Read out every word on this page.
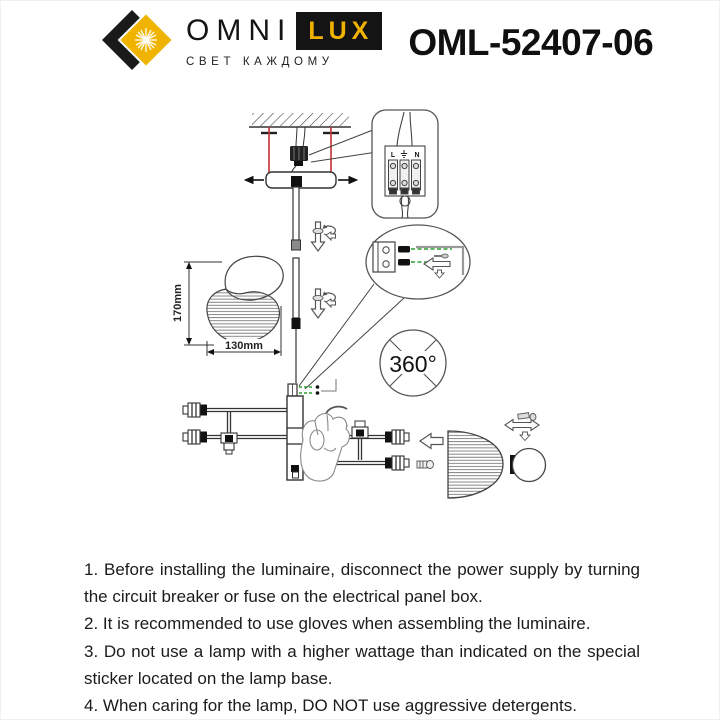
OMNI LUX
СВЕТ КАЖДОМУ	OML-52407-06
L	N
170mm
130mm
360°

1. Before installing the luminaire, disconnect the power supply by turning the circuit breaker or fuse on the electrical panel box.

2. It is recommended to use gloves when assembling the luminaire.

3. Do not use a lamp with a higher wattage than indicated on the special sticker located on the lamp base.

4. When caring for the lamp, DO NOT use aggressive detergents.
